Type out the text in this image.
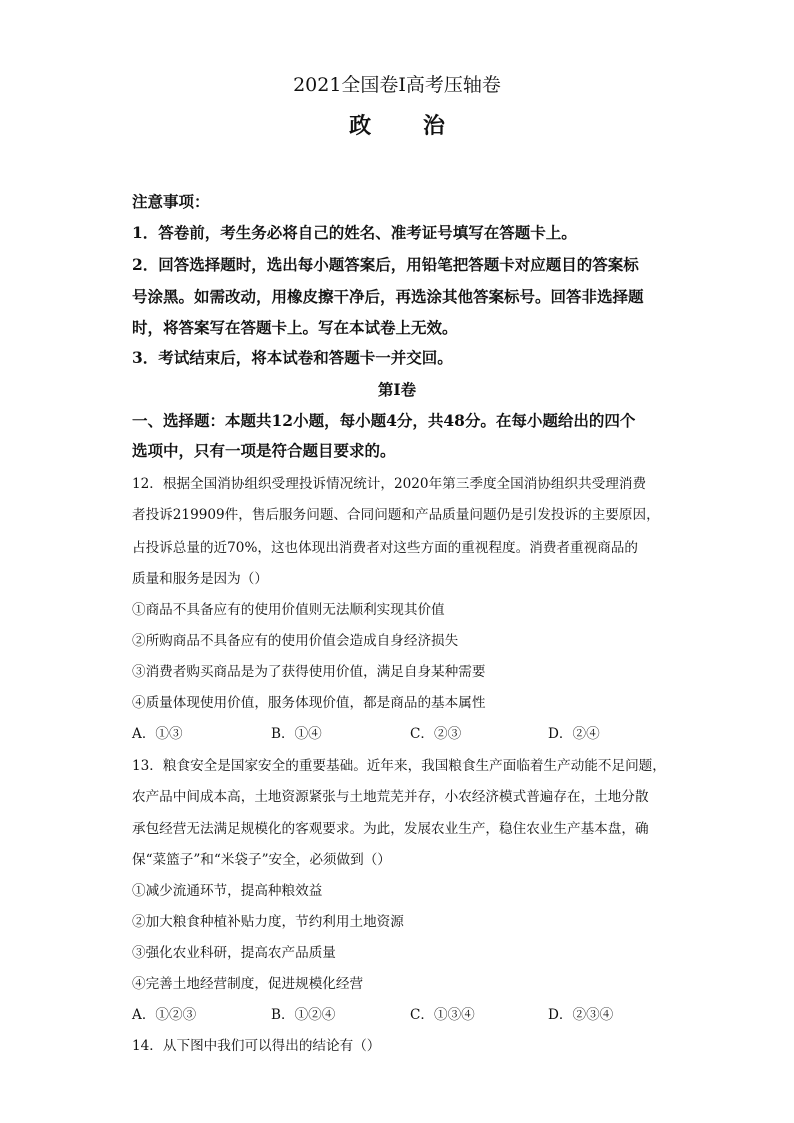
2021全国卷Ⅰ高考压轴卷
政 治
注意事项：
1．答卷前，考生务必将自己的姓名、准考证号填写在答题卡上。
2．回答选择题时，选出每小题答案后，用铅笔把答题卡对应题目的答案标
号涂黑。如需改动，用橡皮擦干净后，再选涂其他答案标号。回答非选择题
时，将答案写在答题卡上。写在本试卷上无效。
3．考试结束后，将本试卷和答题卡一并交回。
第Ⅰ卷
一、选择题：本题共12小题，每小题4分，共48分。在每小题给出的四个
选项中，只有一项是符合题目要求的。
12．根据全国消协组织受理投诉情况统计，2020年第三季度全国消协组织共受理消费
者投诉219909件，售后服务问题、合同问题和产品质量问题仍是引发投诉的主要原因，
占投诉总量的近70%，这也体现出消费者对这些方面的重视程度。消费者重视商品的
质量和服务是因为（）
①商品不具备应有的使用价值则无法顺利实现其价值
②所购商品不具备应有的使用价值会造成自身经济损失
③消费者购买商品是为了获得使用价值，满足自身某种需要
④质量体现使用价值，服务体现价值，都是商品的基本属性
A．①③	B．①④	C．②③	D．②④
13．粮食安全是国家安全的重要基础。近年来，我国粮食生产面临着生产动能不足问题，
农产品中间成本高，土地资源紧张与土地荒芜并存，小农经济模式普遍存在，土地分散
承包经营无法满足规模化的客观要求。为此，发展农业生产，稳住农业生产基本盘，确
保“菜篮子”和“米袋子”安全，必须做到（）
①减少流通环节，提高种粮效益
②加大粮食种植补贴力度，节约利用土地资源
③强化农业科研，提高农产品质量
④完善土地经营制度，促进规模化经营
A．①②③	B．①②④	C．①③④	D．②③④
14．从下图中我们可以得出的结论有（）
